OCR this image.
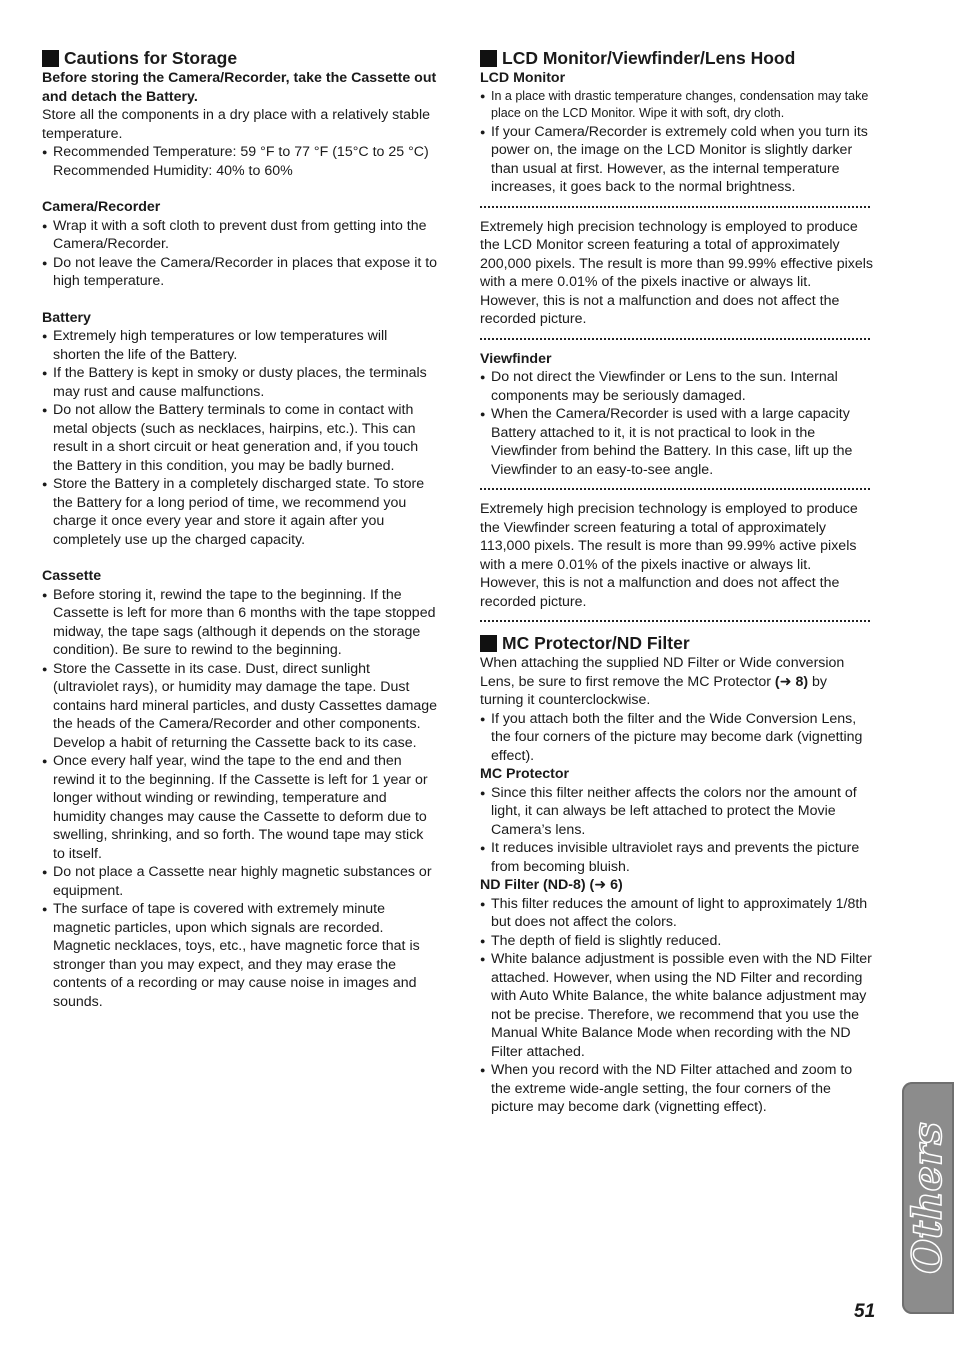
Cautions for Storage

Before storing the Camera/Recorder, take the Cassette out and detach the Battery.

Store all the components in a dry place with a relatively stable temperature.

● Recommended Temperature: 59 °F to 77 °F (15°C to 25 °C) Recommended Humidity: 40% to 60%

Camera/Recorder

● Wrap it with a soft cloth to prevent dust from getting into the Camera/Recorder.
● Do not leave the Camera/Recorder in places that expose it to high temperature.

Battery

● Extremely high temperatures or low temperatures will shorten the life of the Battery.
● If the Battery is kept in smoky or dusty places, the terminals may rust and cause malfunctions.
● Do not allow the Battery terminals to come in contact with metal objects (such as necklaces, hairpins, etc.). This can result in a short circuit or heat generation and, if you touch the Battery in this condition, you may be badly burned.
● Store the Battery in a completely discharged state. To store the Battery for a long period of time, we recommend you charge it once every year and store it again after you completely use up the charged capacity.

Cassette

● Before storing it, rewind the tape to the beginning. If the Cassette is left for more than 6 months with the tape stopped midway, the tape sags (although it depends on the storage condition). Be sure to rewind to the beginning.
● Store the Cassette in its case. Dust, direct sunlight (ultraviolet rays), or humidity may damage the tape. Dust contains hard mineral particles, and dusty Cassettes damage the heads of the Camera/Recorder and other components. Develop a habit of returning the Cassette back to its case.
● Once every half year, wind the tape to the end and then rewind it to the beginning. If the Cassette is left for 1 year or longer without winding or rewinding, temperature and humidity changes may cause the Cassette to deform due to swelling, shrinking, and so forth. The wound tape may stick to itself.
● Do not place a Cassette near highly magnetic substances or equipment.
● The surface of tape is covered with extremely minute magnetic particles, upon which signals are recorded. Magnetic necklaces, toys, etc., have magnetic force that is stronger than you may expect, and they may erase the contents of a recording or may cause noise in images and sounds.
LCD Monitor/Viewfinder/Lens Hood

LCD Monitor

● In a place with drastic temperature changes, condensation may take place on the LCD Monitor. Wipe it with soft, dry cloth.
● If your Camera/Recorder is extremely cold when you turn its power on, the image on the LCD Monitor is slightly darker than usual at first. However, as the internal temperature increases, it goes back to the normal brightness.

Extremely high precision technology is employed to produce the LCD Monitor screen featuring a total of approximately 200,000 pixels. The result is more than 99.99% effective pixels with a mere 0.01% of the pixels inactive or always lit. However, this is not a malfunction and does not affect the recorded picture.

Viewfinder

● Do not direct the Viewfinder or Lens to the sun. Internal components may be seriously damaged.
● When the Camera/Recorder is used with a large capacity Battery attached to it, it is not practical to look in the Viewfinder from behind the Battery. In this case, lift up the Viewfinder to an easy-to-see angle.

Extremely high precision technology is employed to produce the Viewfinder screen featuring a total of approximately 113,000 pixels. The result is more than 99.99% active pixels with a mere 0.01% of the pixels inactive or always lit. However, this is not a malfunction and does not affect the recorded picture.

MC Protector/ND Filter

When attaching the supplied ND Filter or Wide conversion Lens, be sure to first remove the MC Protector (➜ 8) by turning it counterclockwise.

● If you attach both the filter and the Wide Conversion Lens, the four corners of the picture may become dark (vignetting effect).

MC Protector

● Since this filter neither affects the colors nor the amount of light, it can always be left attached to protect the Movie Camera’s lens.
● It reduces invisible ultraviolet rays and prevents the picture from becoming bluish.

ND Filter (ND-8) (➜ 6)

● This filter reduces the amount of light to approximately 1/8th but does not affect the colors.
● The depth of field is slightly reduced.
● White balance adjustment is possible even with the ND Filter attached. However, when using the ND Filter and recording with Auto White Balance, the white balance adjustment may not be precise. Therefore, we recommend that you use the Manual White Balance Mode when recording with the ND Filter attached.
● When you record with the ND Filter attached and zoom to the extreme wide-angle setting, the four corners of the picture may become dark (vignetting effect).
Others
51
